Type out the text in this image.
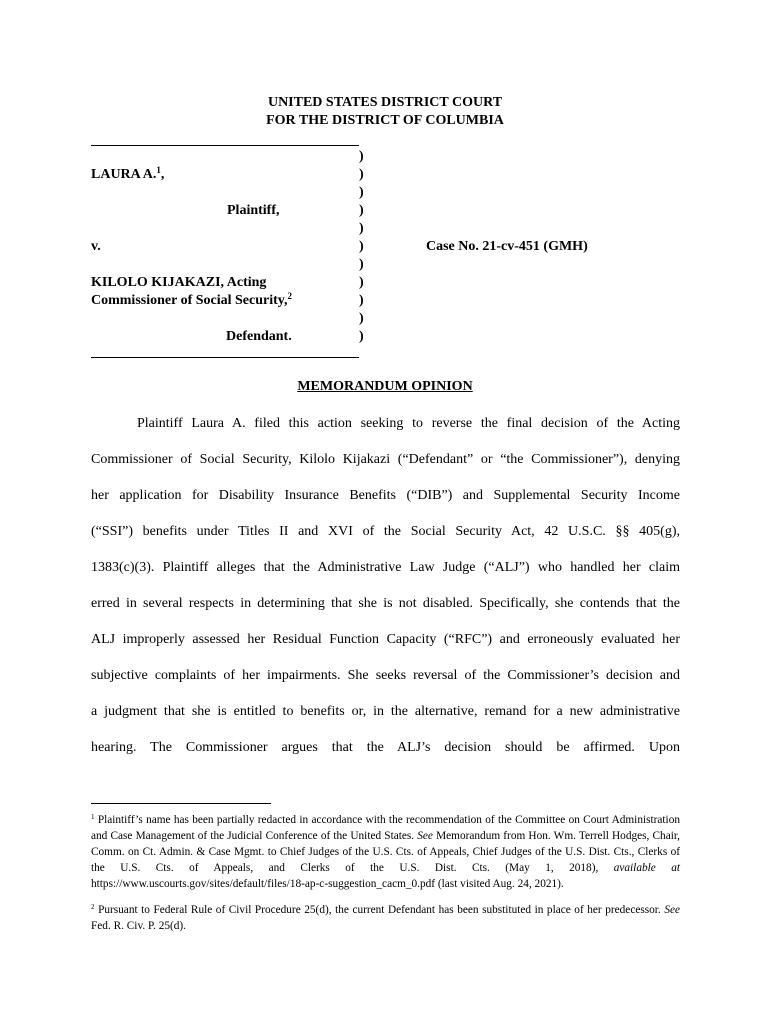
UNITED STATES DISTRICT COURT
FOR THE DISTRICT OF COLUMBIA
)
)
)
)
)
)
)
)
)
)
)
LAURA A.$^1$,
Plaintiff,
v.
KILOLO KIJAKAZI, Acting
Commissioner of Social Security,$^2$
Defendant.
Case No. 21-cv-451 (GMH)
MEMORANDUM OPINION
Plaintiff Laura A. filed this action seeking to reverse the final decision of the Acting
Commissioner of Social Security, Kilolo Kijakazi (“Defendant” or “the Commissioner”), denying
her application for Disability Insurance Benefits (“DIB”) and Supplemental Security Income
(“SSI”) benefits under Titles II and XVI of the Social Security Act, 42 U.S.C. §§ 405(g),
1383(c)(3). Plaintiff alleges that the Administrative Law Judge (“ALJ”) who handled her claim
erred in several respects in determining that she is not disabled. Specifically, she contends that the
ALJ improperly assessed her Residual Function Capacity (“RFC”) and erroneously evaluated her
subjective complaints of her impairments. She seeks reversal of the Commissioner’s decision and
a judgment that she is entitled to benefits or, in the alternative, remand for a new administrative
hearing. The Commissioner argues that the ALJ’s decision should be affirmed. Upon
$^1$ Plaintiff’s name has been partially redacted in accordance with the recommendation of the Committee on Court Administration and Case Management of the Judicial Conference of the United States. See Memorandum from Hon. Wm. Terrell Hodges, Chair, Comm. on Ct. Admin. & Case Mgmt. to Chief Judges of the U.S. Cts. of Appeals, Chief Judges of the U.S. Dist. Cts., Clerks of the U.S. Cts. of Appeals, and Clerks of the U.S. Dist. Cts. (May 1, 2018), available at https://www.uscourts.gov/sites/default/files/18-ap-c-suggestion_cacm_0.pdf (last visited Aug. 24, 2021).
$^2$ Pursuant to Federal Rule of Civil Procedure 25(d), the current Defendant has been substituted in place of her predecessor. See Fed. R. Civ. P. 25(d).
